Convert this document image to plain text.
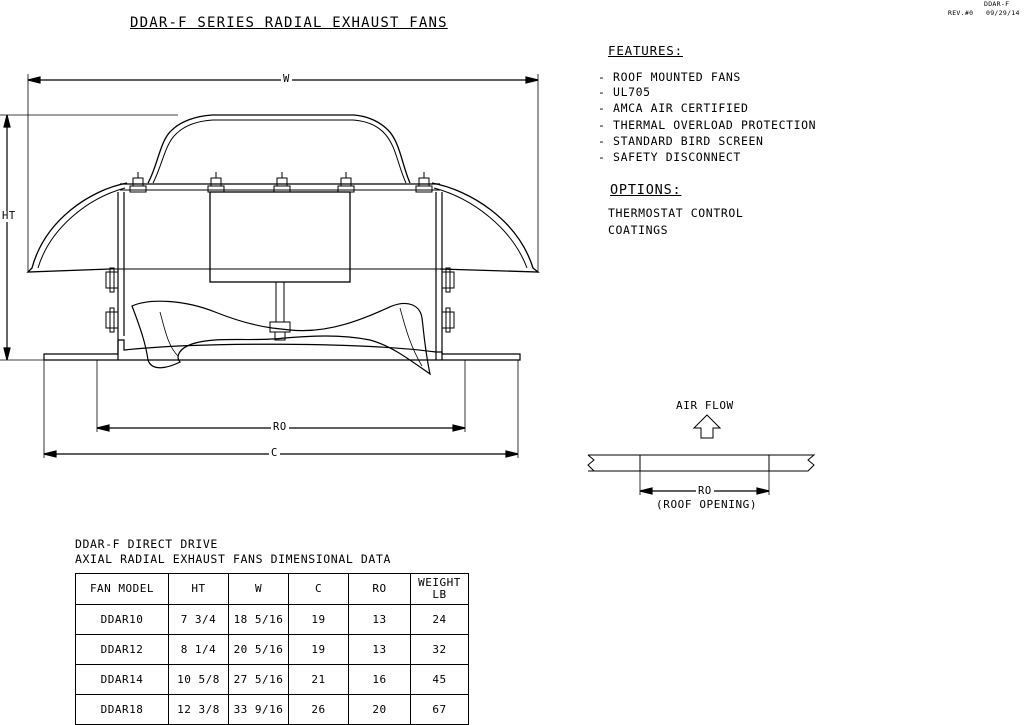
DDAR-F SERIES RADIAL EXHAUST FANS
DDAR-F
REV.#0 09/29/14
FEATURES:
- ROOF MOUNTED FANS
- UL705
- AMCA AIR CERTIFIED
- THERMAL OVERLOAD PROTECTION
- STANDARD BIRD SCREEN
- SAFETY DISCONNECT
OPTIONS:
THERMOSTAT CONTROL
COATINGS
W
HT
RO
C
AIR FLOW
RO
(ROOF OPENING)
DDAR-F DIRECT DRIVE
AXIAL RADIAL EXHAUST FANS DIMENSIONAL DATA
FAN MODEL	HT	W	C	RO	WEIGHT
LB
DDAR10	7 3/4	18 5/16	19	13	24
DDAR12	8 1/4	20 5/16	19	13	32
DDAR14	10 5/8	27 5/16	21	16	45
DDAR18	12 3/8	33 9/16	26	20	67
